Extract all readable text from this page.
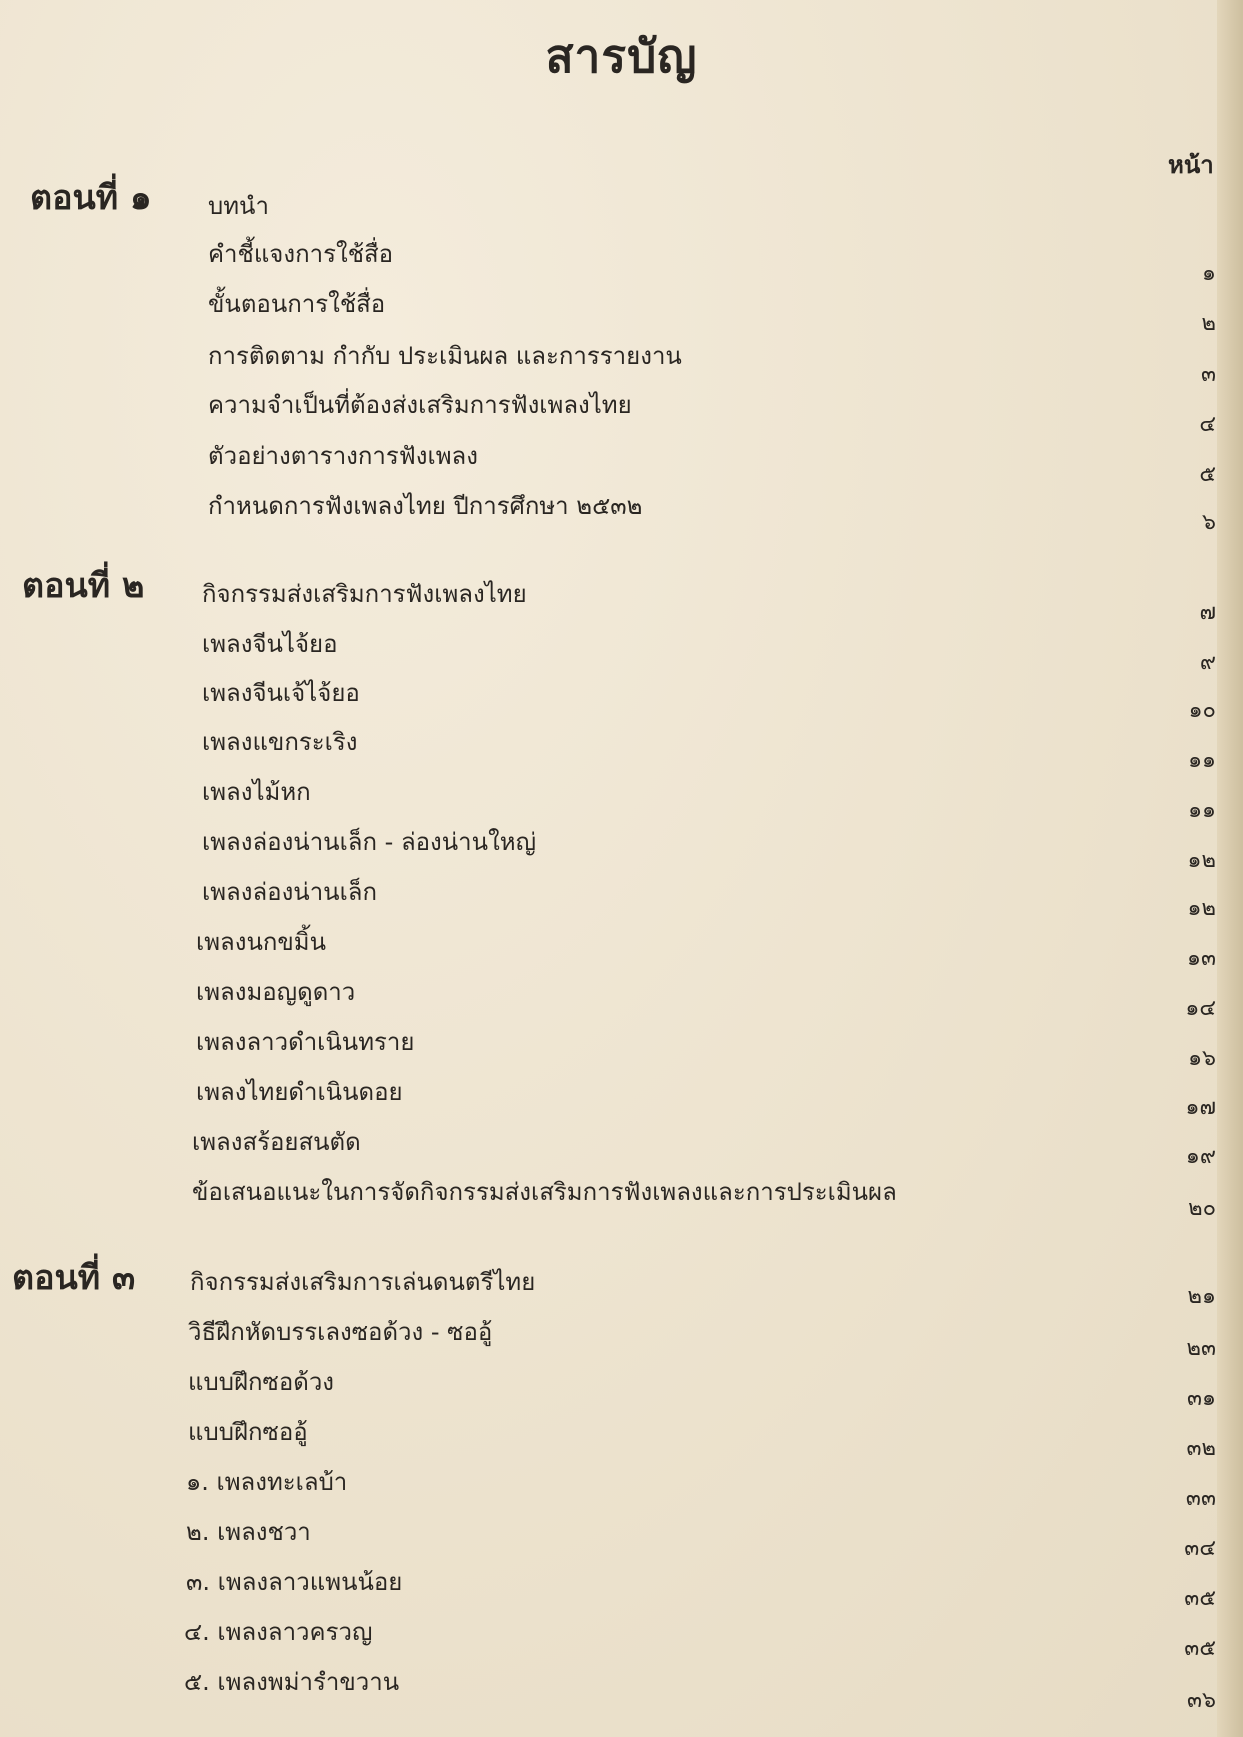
สารบัญ
หน้า
ตอนที่ ๑ บทนำ
คำชี้แจงการใช้สื่อ
๑
ขั้นตอนการใช้สื่อ
๒
การติดตาม กำกับ ประเมินผล และการรายงาน
๓
ความจำเป็นที่ต้องส่งเสริมการฟังเพลงไทย
๔
ตัวอย่างตารางการฟังเพลง
๕
กำหนดการฟังเพลงไทย ปีการศึกษา ๒๕๓๒
๖
ตอนที่ ๒ กิจกรรมส่งเสริมการฟังเพลงไทย
๗
เพลงจีนไจ้ยอ
๙
เพลงจีนเจ้ไจ้ยอ
๑๐
เพลงแขกระเริง
๑๑
เพลงไม้หก
๑๑
เพลงล่องน่านเล็ก - ล่องน่านใหญ่
๑๒
เพลงล่องน่านเล็ก
๑๒
เพลงนกขมิ้น
๑๓
เพลงมอญดูดาว
๑๔
เพลงลาวดำเนินทราย
๑๖
เพลงไทยดำเนินดอย
๑๗
เพลงสร้อยสนตัด
๑๙
ข้อเสนอแนะในการจัดกิจกรรมส่งเสริมการฟังเพลงและการประเมินผล
๒๐
ตอนที่ ๓ กิจกรรมส่งเสริมการเล่นดนตรีไทย
๒๑
วิธีฝึกหัดบรรเลงซอด้วง - ซออู้
๒๓
แบบฝึกซอด้วง
๓๑
แบบฝึกซออู้
๓๒
๑. เพลงทะเลบ้า
๓๓
๒. เพลงชวา
๓๔
๓. เพลงลาวแพนน้อย
๓๕
๔. เพลงลาวครวญ
๓๕
๕. เพลงพม่ารำขวาน
๓๖
